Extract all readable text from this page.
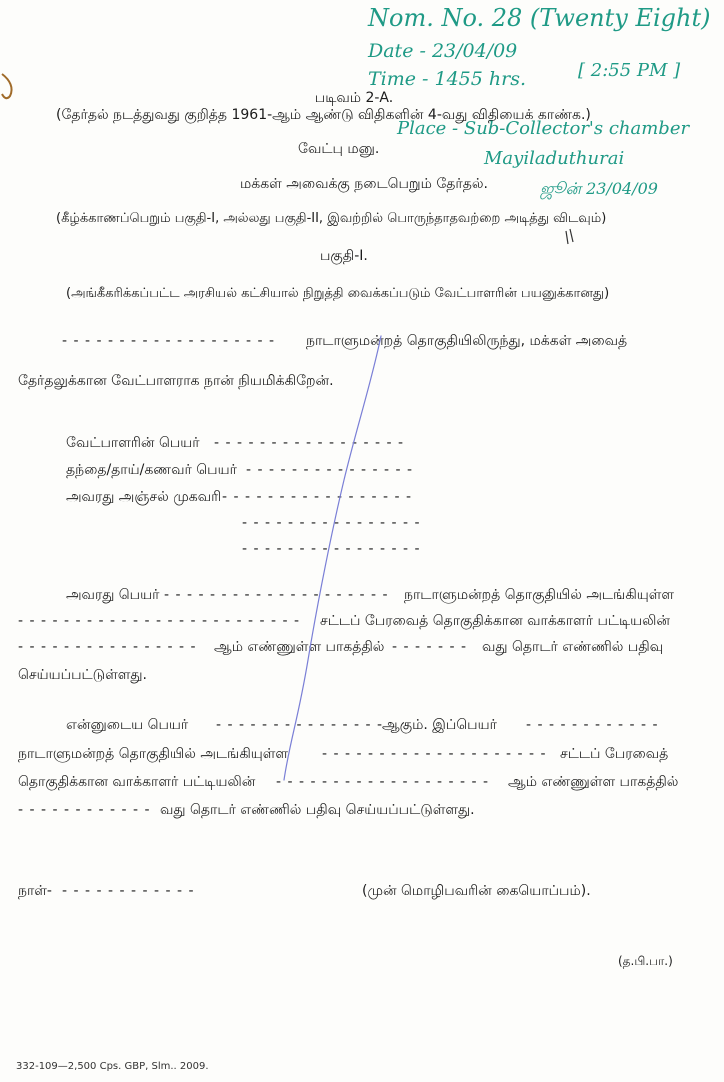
Nom. No. 28 (Twenty Eight)
Date - 23/04/09
Time - 1455 hrs.	[ 2:55 PM ]
Place - Sub-Collector's chamber
Mayiladuthurai
ஜூன் 23/04/09
படிவம் 2-A.
(தேர்தல் நடத்துவது குறித்த 1961-ஆம் ஆண்டு விதிகளின் 4-வது விதியைக் காண்க.)
வேட்பு மனு.
மக்கள் அவைக்கு நடைபெறும் தேர்தல்.
(கீழ்க்காணப்பெறும் பகுதி-I, அல்லது பகுதி-II, இவற்றில் பொருந்தாதவற்றை அடித்து விடவும்)
பகுதி-I.
(அங்கீகரிக்கப்பட்ட அரசியல் கட்சியால் நிறுத்தி வைக்கப்படும் வேட்பாளரின் பயனுக்கானது)
- - - - - - - - - - - - - - - - - - - நாடாளுமன்றத் தொகுதியிலிருந்து, மக்கள் அவைத்
தேர்தலுக்கான வேட்பாளராக நான் நியமிக்கிறேன்.
வேட்பாளரின் பெயர் - - - - - - - - - - - - - - - - -
தந்தை/தாய்/கணவர் பெயர் - - - - - - - - - - - - - - -
அவரது அஞ்சல் முகவரி - - - - - - - - - - - - - - - - -
- - - - - - - - - - - - - - - -
- - - - - - - - - - - - - - - -
அவரது பெயர் - - - - - - - - - - - - - - - - - - - - நாடாளுமன்றத் தொகுதியில் அடங்கியுள்ள
- - - - - - - - - - - - - - - - - - - - - - - - - சட்டப் பேரவைத் தொகுதிக்கான வாக்காளர் பட்டியலின்
- - - - - - - - - - - - - - - - ஆம் எண்ணுள்ள பாகத்தில் - - - - - - - வது தொடர் எண்ணில் பதிவு
செய்யப்பட்டுள்ளது.
என்னுடைய பெயர் - - - - - - - - - - - - - - -
ஆகும். இப்பெயர் - - - - - - - - - - - -
நாடாளுமன்றத் தொகுதியில் அடங்கியுள்ள - - - - - - - - - - - - - - - - - - - - சட்டப் பேரவைத்
தொகுதிக்கான வாக்காளர் பட்டியலின் - - - - - - - - - - - - - - - - - - - ஆம் எண்ணுள்ள பாகத்தில்
- - - - - - - - - - - - வது தொடர் எண்ணில் பதிவு செய்யப்பட்டுள்ளது.
நாள்- - - - - - - - - - - - -	(முன் மொழிபவரின் கையொப்பம்).
(த.பி.பா.)
332-109—2,500 Cps. GBP, Slm.. 2009.
